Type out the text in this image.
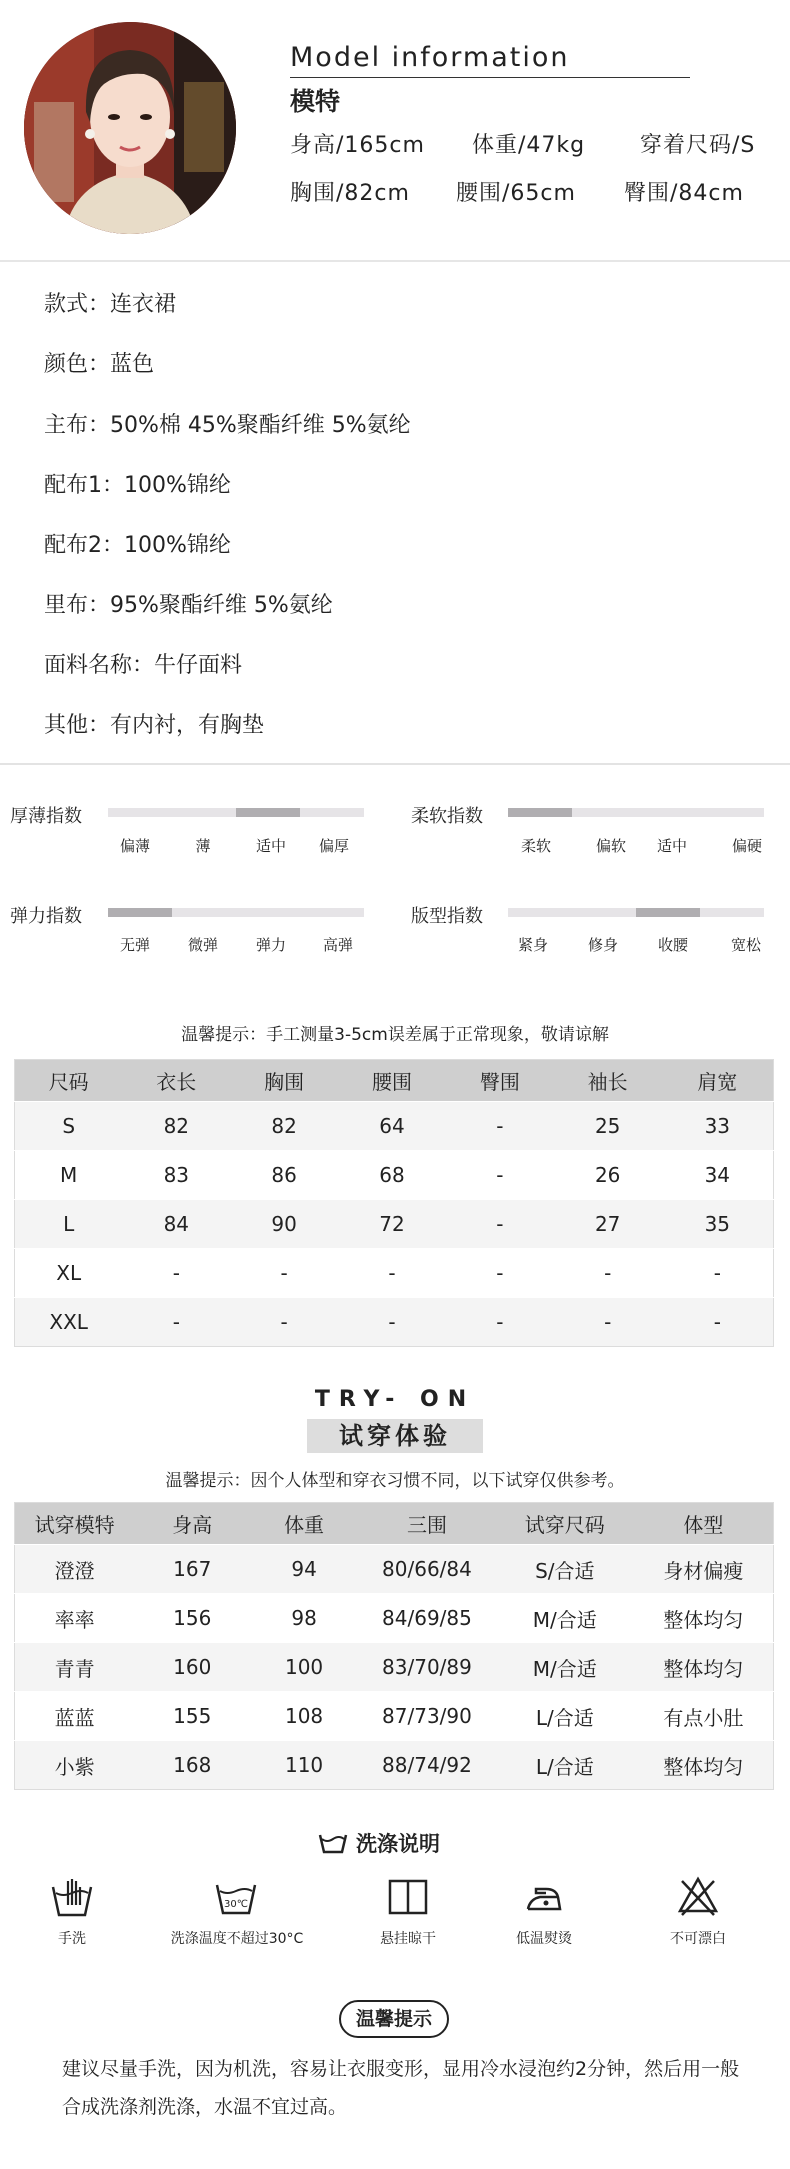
Model information
模特
身高/165cm 体重/47kg 穿着尺码/S
胸围/82cm 腰围/65cm 臀围/84cm
款式：连衣裙
颜色：蓝色
主布：50%棉 45%聚酯纤维 5%氨纶
配布1：100%锦纶
配布2：100%锦纶
里布：95%聚酯纤维 5%氨纶
面料名称：牛仔面料
其他：有内衬，有胸垫
厚薄指数
偏薄	薄	适中 偏厚
柔软指数
柔软	偏软 适中	偏硬
弹力指数
无弹	微弹	弹力 高弹
版型指数
紧身	修身	收腰	宽松
温馨提示：手工测量3-5cm误差属于正常现象，敬请谅解
尺码	衣长	胸围	腰围	臀围	袖长	肩宽
S	82	82	64	-	25	33
M	83	86	68	-	26	34
L	84	90	72	-	27	35
XL	-	-	-	-	-	-
XXL	-	-	-	-	-	-
TRY- ON
试穿体验
温馨提示：因个人体型和穿衣习惯不同，以下试穿仅供参考。
试穿模特	身高	体重	三围	试穿尺码	体型
澄澄	167	94	80/66/84	S/合适	身材偏瘦
率率	156	98	84/69/85	M/合适	整体均匀
青青	160	100	83/70/89	M/合适	整体均匀
蓝蓝	155	108	87/73/90	L/合适	有点小肚
小紫	168	110	88/74/92	L/合适	整体均匀
洗涤说明
手洗
30℃
洗涤温度不超过30°C	悬挂晾干	低温熨烫	不可漂白
温馨提示
建议尽量手洗，因为机洗，容易让衣服变形，显用冷水浸泡约2分钟，然后用一般合成洗涤剂洗涤，水温不宜过高。
